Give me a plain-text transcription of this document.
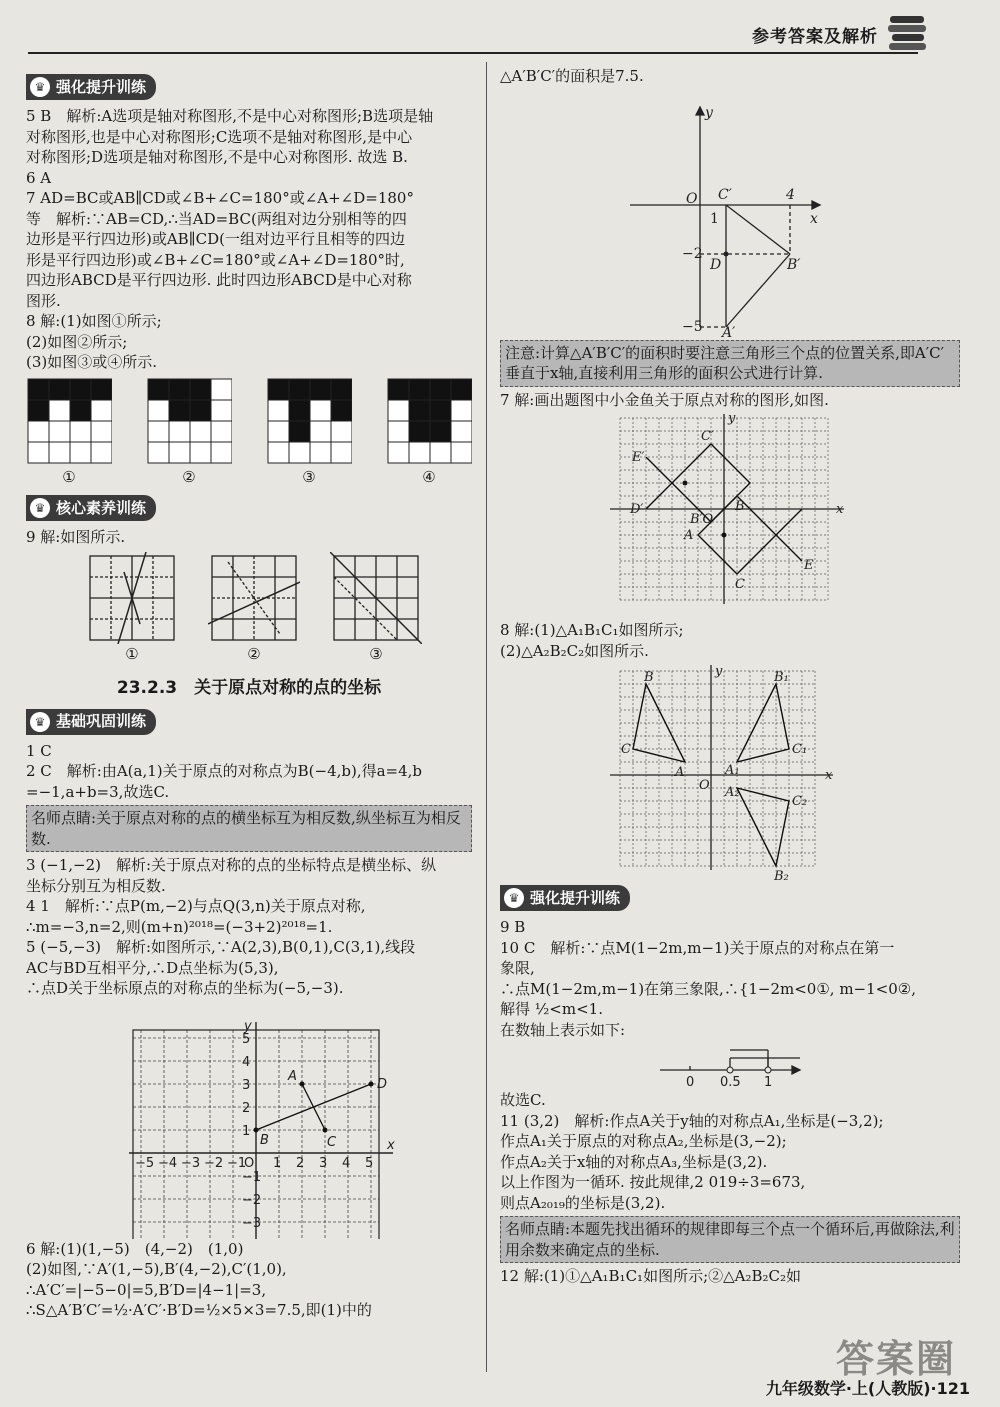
参考答案及解析
♛ 强化提升训练
5 B　解析:A选项是轴对称图形,不是中心对称图形;B选项是轴
对称图形,也是中心对称图形;C选项不是轴对称图形,是中心
对称图形;D选项是轴对称图形,不是中心对称图形. 故选 B.
6 A
7 AD=BC或AB∥CD或∠B+∠C=180°或∠A+∠D=180°
等　解析:∵AB=CD,∴当AD=BC(两组对边分别相等的四
边形是平行四边形)或AB∥CD(一组对边平行且相等的四边
形是平行四边形)或∠B+∠C=180°或∠A+∠D=180°时,
四边形ABCD是平行四边形. 此时四边形ABCD是中心对称
图形.
8 解:(1)如图①所示;
(2)如图②所示;
(3)如图③或④所示.
①	②	③	④
♛ 核心素养训练
9 解:如图所示.
①	②	③
23.2.3　关于原点对称的点的坐标
♛ 基础巩固训练
1 C
2 C　解析:由A(a,1)关于原点的对称点为B(−4,b),得a=4,b
=−1,a+b=3,故选C.
名师点睛:关于原点对称的点的横坐标互为相反数,纵坐标互为相反数.
3 (−1,−2)　解析:关于原点对称的点的坐标特点是横坐标、纵
坐标分别互为相反数.
4 1　解析:∵点P(m,−2)与点Q(3,n)关于原点对称,
∴m=−3,n=2,则(m+n)²⁰¹⁸=(−3+2)²⁰¹⁸=1.
5 (−5,−3)　解析:如图所示,∵A(2,3),B(0,1),C(3,1),线段
AC与BD互相平分,∴D点坐标为(5,3),
∴点D关于坐标原点的对称点的坐标为(−5,−3).
x
y
O
−5 −4 −3 −2 −1 1 2 3 4 5
−3
−2
−1
1
2
3
4
5
A
B	C
D
6 解:(1)(1,−5)　(4,−2)　(1,0)
(2)如图,∵A′(1,−5),B′(4,−2),C′(1,0),
∴A′C′=|−5−0|=5,B′D=|4−1|=3,
∴S△A′B′C′=½·A′C′·B′D=½×5×3=7.5,即(1)中的
△A′B′C′的面积是7.5.
y
x
O C′	4
1
−2
D	B′
−5 A′
注意:计算△A′B′C′的面积时要注意三角形三个点的位置关系,即A′C′垂直于x轴,直接利用三角形的面积公式进行计算.
7 解:画出题图中小金鱼关于原点对称的图形,如图.
y
x
C′
E′
D′	B
B′O
A
E
C
8 解:(1)△A₁B₁C₁如图所示;
(2)△A₂B₂C₂如图所示.
y
x
O
B
C
A
B₁
C₁
A₁
A₂
C₂
B₂
♛ 强化提升训练
9 B
10 C　解析:∵点M(1−2m,m−1)关于原点的对称点在第一
象限,
∴点M(1−2m,m−1)在第三象限,∴{1−2m<0①, m−1<0②,
解得 ½<m<1.
在数轴上表示如下:
0 0.5 1
故选C.
11 (3,2)　解析:作点A关于y轴的对称点A₁,坐标是(−3,2);
作点A₁关于原点的对称点A₂,坐标是(3,−2);
作点A₂关于x轴的对称点A₃,坐标是(3,2).
以上作图为一循环. 按此规律,2 019÷3=673,
则点A₂₀₁₉的坐标是(3,2).
名师点睛:本题先找出循环的规律即每三个点一个循环后,再做除法,利用余数来确定点的坐标.
12 解:(1)①△A₁B₁C₁如图所示;②△A₂B₂C₂如
答案圈
九年级数学·上(人教版)·121
